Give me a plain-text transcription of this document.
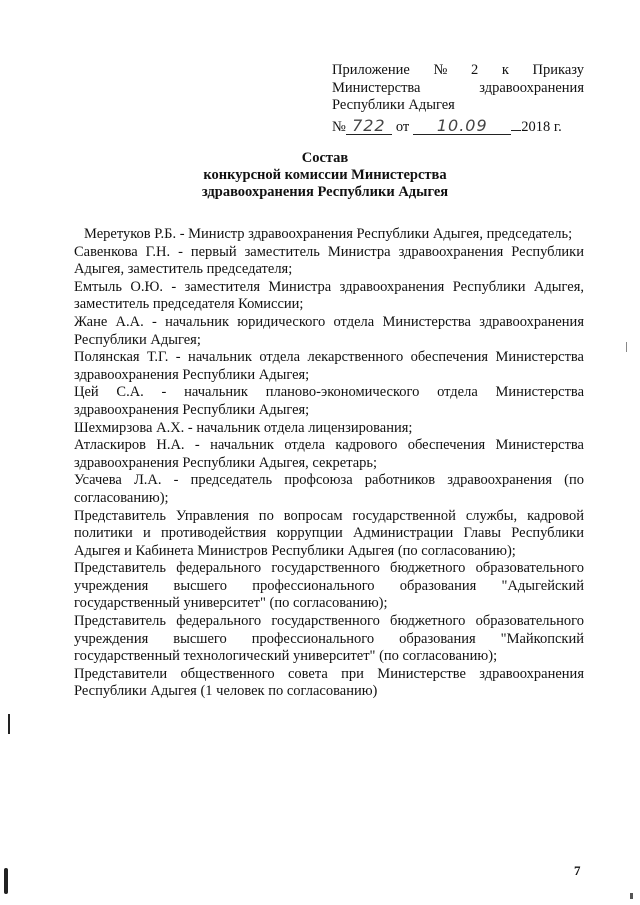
Приложение № 2 к Приказу
Министерства	здравоохранения
Республики Адыгея
№ 722 от	10.09	2018 г.
Состав
конкурсной комиссии Министерства
здравоохранения Республики Адыгея

Меретуков Р.Б. - Министр здравоохранения Республики Адыгея, председатель;

Савенкова Г.Н. - первый заместитель Министра здравоохранения Республики Адыгея, заместитель председателя;

Емтыль О.Ю. - заместителя Министра здравоохранения Республики Адыгея, заместитель председателя Комиссии;

Жане А.А. - начальник юридического отдела Министерства здравоохранения Республики Адыгея;

Полянская Т.Г. - начальник отдела лекарственного обеспечения Министерства здравоохранения Республики Адыгея;

Цей С.А. - начальник планово-экономического отдела Министерства здравоохранения Республики Адыгея;

Шехмирзова А.Х. - начальник отдела лицензирования;

Атласкиров Н.А. - начальник отдела кадрового обеспечения Министерства здравоохранения Республики Адыгея, секретарь;

Усачева Л.А. - председатель профсоюза работников здравоохранения (по согласованию);

Представитель Управления по вопросам государственной службы, кадровой политики и противодействия коррупции Администрации Главы Республики Адыгея и Кабинета Министров Республики Адыгея (по согласованию);

Представитель федерального государственного бюджетного образовательного учреждения высшего профессионального образования "Адыгейский государственный университет" (по согласованию);

Представитель федерального государственного бюджетного образовательного учреждения высшего профессионального образования "Майкопский государственный технологический университет" (по согласованию);

Представители общественного совета при Министерстве здравоохранения Республики Адыгея (1 человек по согласованию)

7
